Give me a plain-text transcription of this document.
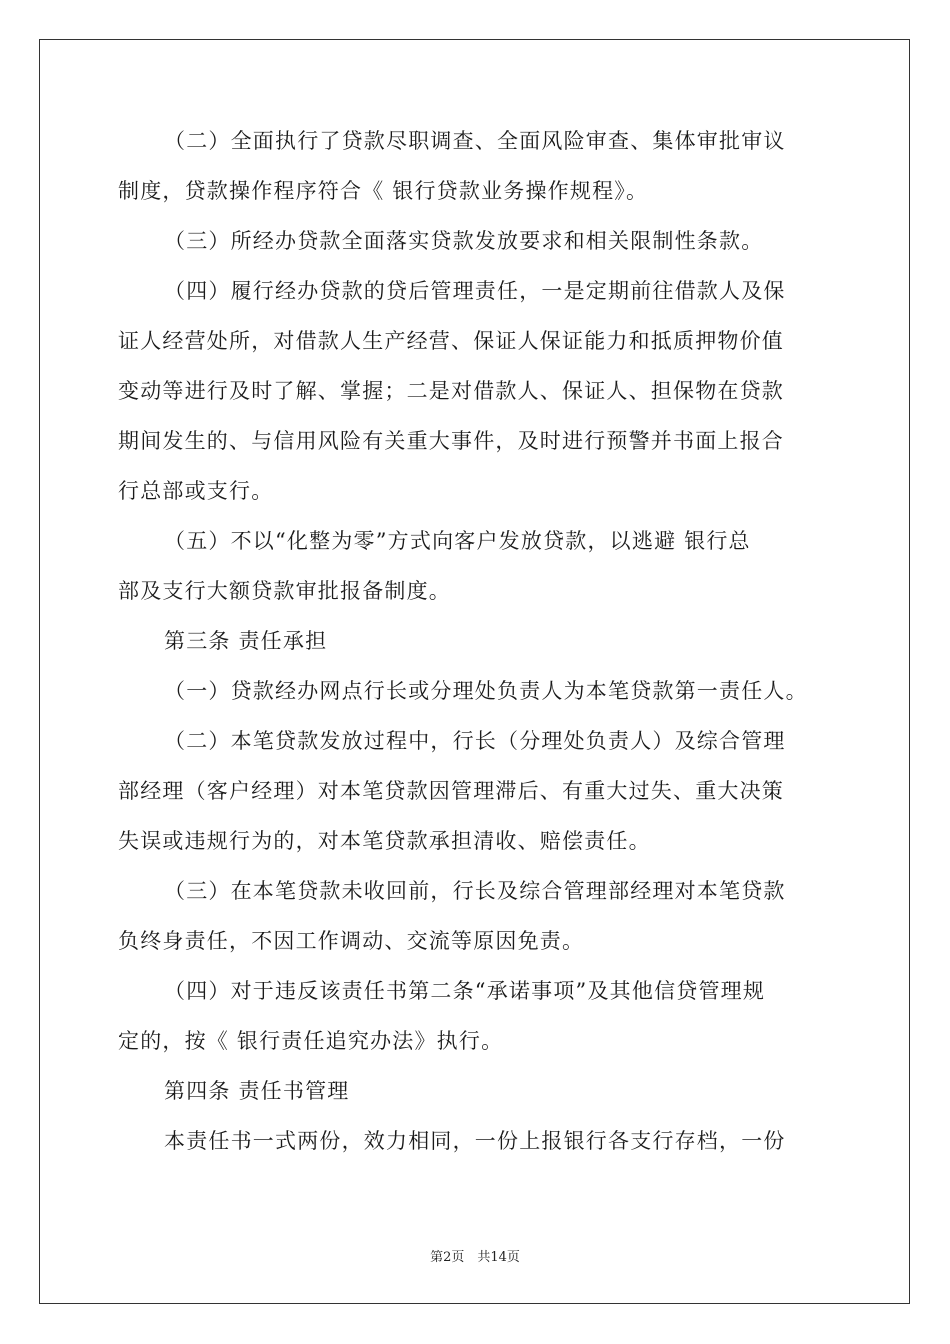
（二）全面执行了贷款尽职调查、全面风险审查、集体审批审议
制度，贷款操作程序符合《 银行贷款业务操作规程》。
（三）所经办贷款全面落实贷款发放要求和相关限制性条款。
（四）履行经办贷款的贷后管理责任，一是定期前往借款人及保
证人经营处所，对借款人生产经营、保证人保证能力和抵质押物价值
变动等进行及时了解、掌握；二是对借款人、保证人、担保物在贷款
期间发生的、与信用风险有关重大事件，及时进行预警并书面上报合
行总部或支行。
（五）不以“化整为零”方式向客户发放贷款，以逃避 银行总
部及支行大额贷款审批报备制度。
第三条 责任承担
（一）贷款经办网点行长或分理处负责人为本笔贷款第一责任人。
（二）本笔贷款发放过程中，行长（分理处负责人）及综合管理
部经理（客户经理）对本笔贷款因管理滞后、有重大过失、重大决策
失误或违规行为的，对本笔贷款承担清收、赔偿责任。
（三）在本笔贷款未收回前，行长及综合管理部经理对本笔贷款
负终身责任，不因工作调动、交流等原因免责。
（四）对于违反该责任书第二条“承诺事项”及其他信贷管理规
定的，按《 银行责任追究办法》执行。
第四条 责任书管理
本责任书一式两份，效力相同，一份上报银行各支行存档，一份
第2页　共14页
